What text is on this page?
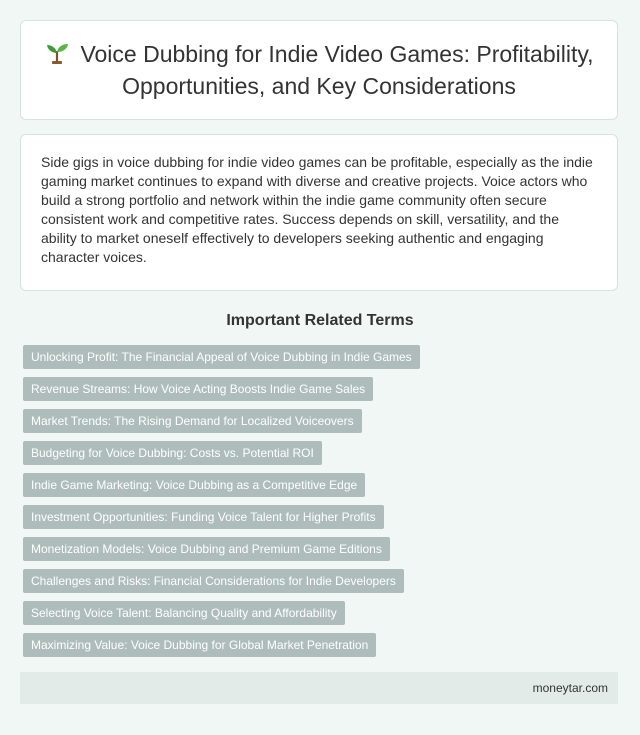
Voice Dubbing for Indie Video Games: Profitability, Opportunities, and Key Considerations

Side gigs in voice dubbing for indie video games can be profitable, especially as the indie gaming market continues to expand with diverse and creative projects. Voice actors who build a strong portfolio and network within the indie game community often secure consistent work and competitive rates. Success depends on skill, versatility, and the ability to market oneself effectively to developers seeking authentic and engaging character voices.

Important Related Terms
Unlocking Profit: The Financial Appeal of Voice Dubbing in Indie Games
Revenue Streams: How Voice Acting Boosts Indie Game Sales
Market Trends: The Rising Demand for Localized Voiceovers
Budgeting for Voice Dubbing: Costs vs. Potential ROI
Indie Game Marketing: Voice Dubbing as a Competitive Edge
Investment Opportunities: Funding Voice Talent for Higher Profits
Monetization Models: Voice Dubbing and Premium Game Editions
Challenges and Risks: Financial Considerations for Indie Developers
Selecting Voice Talent: Balancing Quality and Affordability
Maximizing Value: Voice Dubbing for Global Market Penetration
moneytar.com
